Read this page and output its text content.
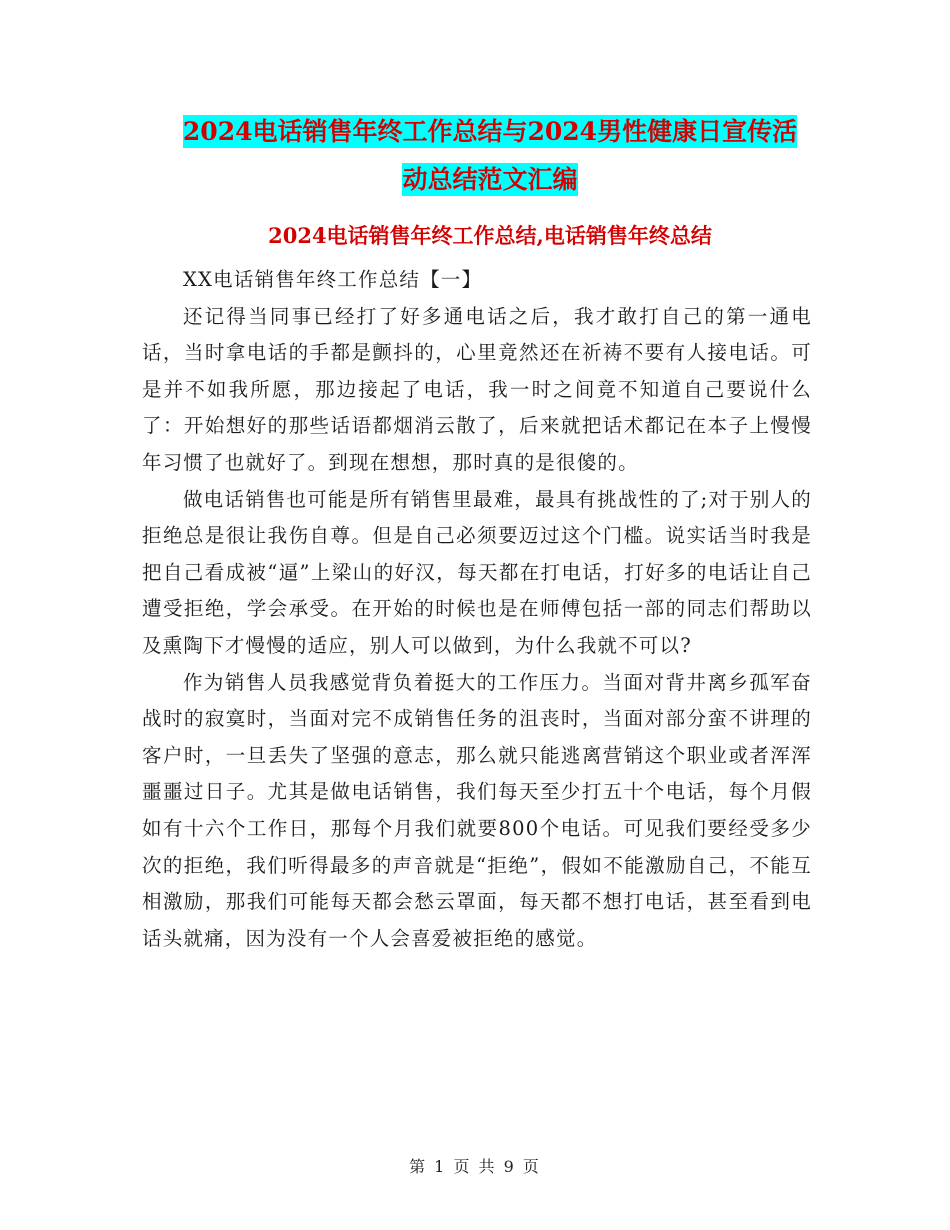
2024电话销售年终工作总结与2024男性健康日宣传活
动总结范文汇编
2024电话销售年终工作总结,电话销售年终总结

XX电话销售年终工作总结【一】

还记得当同事已经打了好多通电话之后，我才敢打自己的第一通电话，当时拿电话的手都是颤抖的，心里竟然还在祈祷不要有人接电话。可是并不如我所愿，那边接起了电话，我一时之间竟不知道自己要说什么了：开始想好的那些话语都烟消云散了，后来就把话术都记在本子上慢慢年习惯了也就好了。到现在想想，那时真的是很傻的。

做电话销售也可能是所有销售里最难，最具有挑战性的了;对于别人的拒绝总是很让我伤自尊。但是自己必须要迈过这个门槛。说实话当时我是把自己看成被“逼”上梁山的好汉，每天都在打电话，打好多的电话让自己遭受拒绝，学会承受。在开始的时候也是在师傅包括一部的同志们帮助以及熏陶下才慢慢的适应，别人可以做到，为什么我就不可以?

作为销售人员我感觉背负着挺大的工作压力。当面对背井离乡孤军奋战时的寂寞时，当面对完不成销售任务的沮丧时，当面对部分蛮不讲理的客户时，一旦丢失了坚强的意志，那么就只能逃离营销这个职业或者浑浑噩噩过日子。尤其是做电话销售，我们每天至少打五十个电话，每个月假如有十六个工作日，那每个月我们就要800个电话。可见我们要经受多少次的拒绝，我们听得最多的声音就是“拒绝”，假如不能激励自己，不能互相激励，那我们可能每天都会愁云罩面，每天都不想打电话，甚至看到电话头就痛，因为没有一个人会喜爱被拒绝的感觉。

第 1 页 共 9 页
